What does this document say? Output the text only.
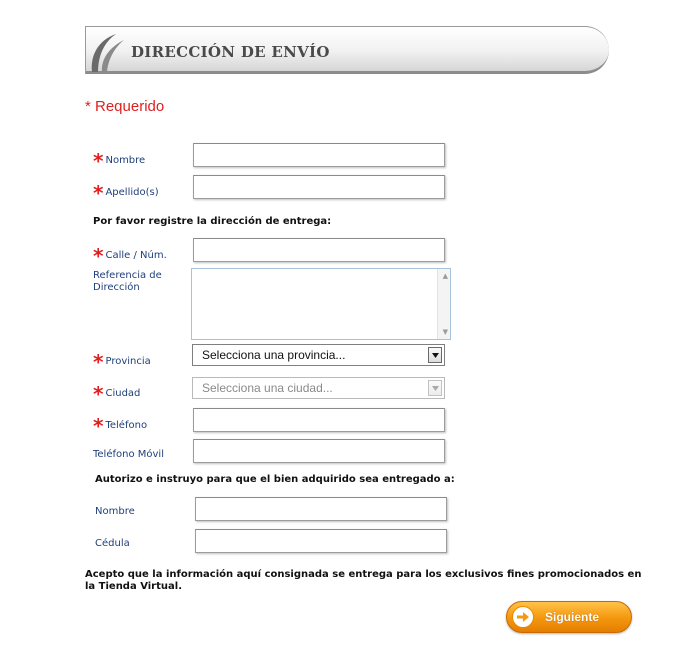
DIRECCIÓN DE ENVÍO
* Requerido
* Nombre
* Apellido(s)
Por favor registre la dirección de entrega:
* Calle / Núm.
Referencia de
Dirección
▲
▼
* Provincia	Selecciona una provincia...
* Ciudad	Selecciona una ciudad...
* Teléfono
Teléfono Móvil
Autorizo e instruyo para que el bien adquirido sea entregado a:
Nombre
Cédula
Acepto que la información aquí consignada se entrega para los exclusivos fines promocionados en la Tienda Virtual.
Siguiente
